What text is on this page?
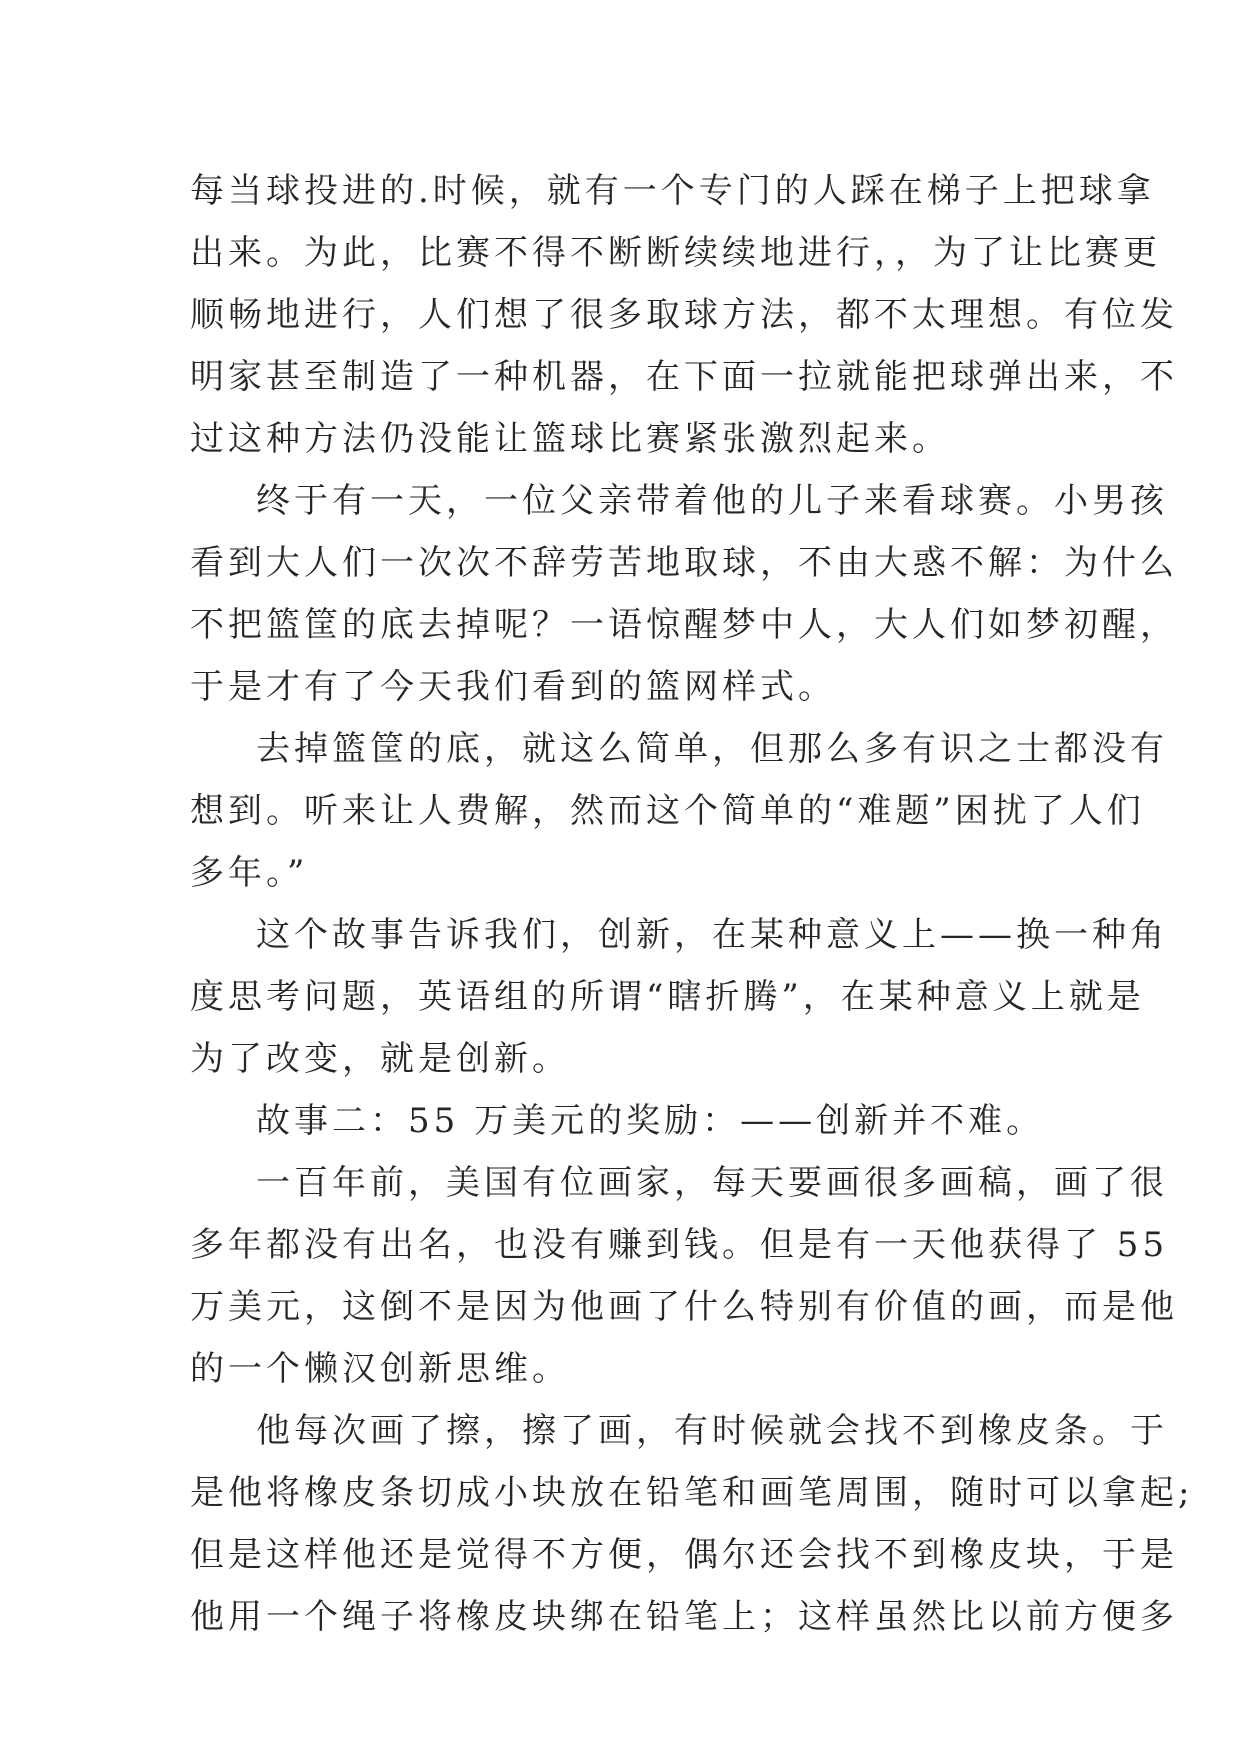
每当球投进的.时候，就有一个专门的人踩在梯子上把球拿
出来。为此，比赛不得不断断续续地进行，，为了让比赛更
顺畅地进行，人们想了很多取球方法，都不太理想。有位发
明家甚至制造了一种机器，在下面一拉就能把球弹出来，不
过这种方法仍没能让篮球比赛紧张激烈起来。
终于有一天，一位父亲带着他的儿子来看球赛。小男孩
看到大人们一次次不辞劳苦地取球，不由大惑不解：为什么
不把篮筐的底去掉呢？一语惊醒梦中人，大人们如梦初醒，
于是才有了今天我们看到的篮网样式。
去掉篮筐的底，就这么简单，但那么多有识之士都没有
想到。听来让人费解，然而这个简单的“难题”困扰了人们
多年。”
这个故事告诉我们，创新，在某种意义上——换一种角
度思考问题，英语组的所谓“瞎折腾”，在某种意义上就是
为了改变，就是创新。
故事二：55 万美元的奖励：——创新并不难。
一百年前，美国有位画家，每天要画很多画稿，画了很
多年都没有出名，也没有赚到钱。但是有一天他获得了 55
万美元，这倒不是因为他画了什么特别有价值的画，而是他
的一个懒汉创新思维。
他每次画了擦，擦了画，有时候就会找不到橡皮条。于
是他将橡皮条切成小块放在铅笔和画笔周围，随时可以拿起;
但是这样他还是觉得不方便，偶尔还会找不到橡皮块，于是
他用一个绳子将橡皮块绑在铅笔上；这样虽然比以前方便多
